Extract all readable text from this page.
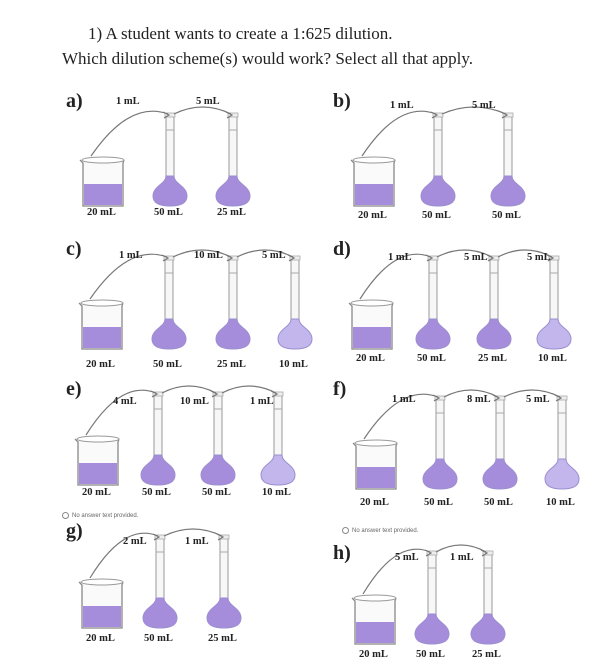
1) A student wants to create a 1:625 dilution.
Which dilution scheme(s) would work? Select all that apply.
a)	1 mL	5 mL
20 mL	50 mL	25 mL
b)	1 mL	5 mL
20 mL	50 mL	50 mL
c)	1 mL	10 mL	5 mL
20 mL	50 mL	25 mL	10 mL
d)	1 mL	5 mL	5 mL
20 mL	50 mL	25 mL	10 mL
e)
4 mL	10 mL	1 mL
20 mL	50 mL	50 mL	10 mL
f)	1 mL	8 mL	5 mL
20 mL	50 mL	50 mL	10 mL
g)	2 mL	1 mL
20 mL	50 mL	25 mL
h)	5 mL	1 mL
20 mL	50 mL	25 mL
No answer text provided.
No answer text provided.
